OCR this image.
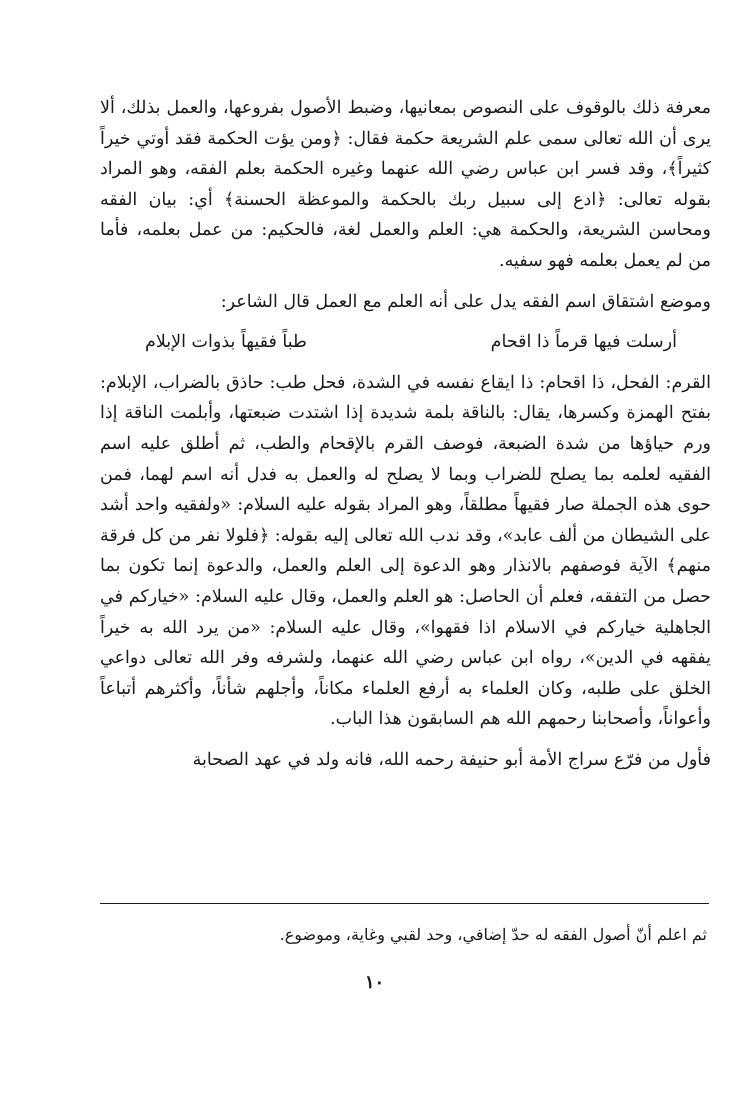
معرفة ذلك بالوقوف على النصوص بمعانيها، وضبط الأصول بفروعها، والعمل بذلك، ألا يرى أن الله تعالى سمى علم الشريعة حكمة فقال: ﴿ومن يؤت الحكمة فقد أوتي خيراً كثيراً﴾، وقد فسر ابن عباس رضي الله عنهما وغيره الحكمة بعلم الفقه، وهو المراد بقوله تعالى: ﴿ادع إلى سبيل ربك بالحكمة والموعظة الحسنة﴾ أي: بيان الفقه ومحاسن الشريعة، والحكمة هي: العلم والعمل لغة، فالحكيم: من عمل بعلمه، فأما من لم يعمل بعلمه فهو سفيه.

وموضع اشتقاق اسم الفقه يدل على أنه العلم مع العمل قال الشاعر:

أرسلت فيها قرماً ذا اقحام
طباً فقيهاً بذوات الإبلام

القرم: الفحل، ذا اقحام: ذا ايقاع نفسه في الشدة، فحل طب: حاذق بالضراب، الإبلام: بفتح الهمزة وكسرها، يقال: بالناقة بلمة شديدة إذا اشتدت ضبعتها، وأبلمت الناقة إذا ورم حياؤها من شدة الضبعة، فوصف القرم بالإقحام والطب، ثم أطلق عليه اسم الفقيه لعلمه بما يصلح للضراب وبما لا يصلح له والعمل به فدل أنه اسم لهما، فمن حوى هذه الجملة صار فقيهاً مطلقاً، وهو المراد بقوله عليه السلام: «ولفقيه واحد أشد على الشيطان من ألف عابد»، وقد ندب الله تعالى إليه بقوله: ﴿فلولا نفر من كل فرقة منهم﴾ الآية فوصفهم بالانذار وهو الدعوة إلى العلم والعمل، والدعوة إنما تكون بما حصل من التفقه، فعلم أن الحاصل: هو العلم والعمل، وقال عليه السلام: «خياركم في الجاهلية خياركم في الاسلام اذا فقهوا»، وقال عليه السلام: «من يرد الله به خيراً يفقهه في الدين»، رواه ابن عباس رضي الله عنهما، ولشرفه وفر الله تعالى دواعي الخلق على طلبه، وكان العلماء به أرفع العلماء مكاناً، وأجلهم شأناً، وأكثرهم أتباعاً وأعواناً، وأصحابنا رحمهم الله هم السابقون هذا الباب.

فأول من فرّع سراج الأمة أبو حنيفة رحمه الله، فانه ولد في عهد الصحابة

ثم اعلم أنّ أصول الفقه له حدّ إضافي، وحد لقبي وغاية، وموضوع.

١٠
